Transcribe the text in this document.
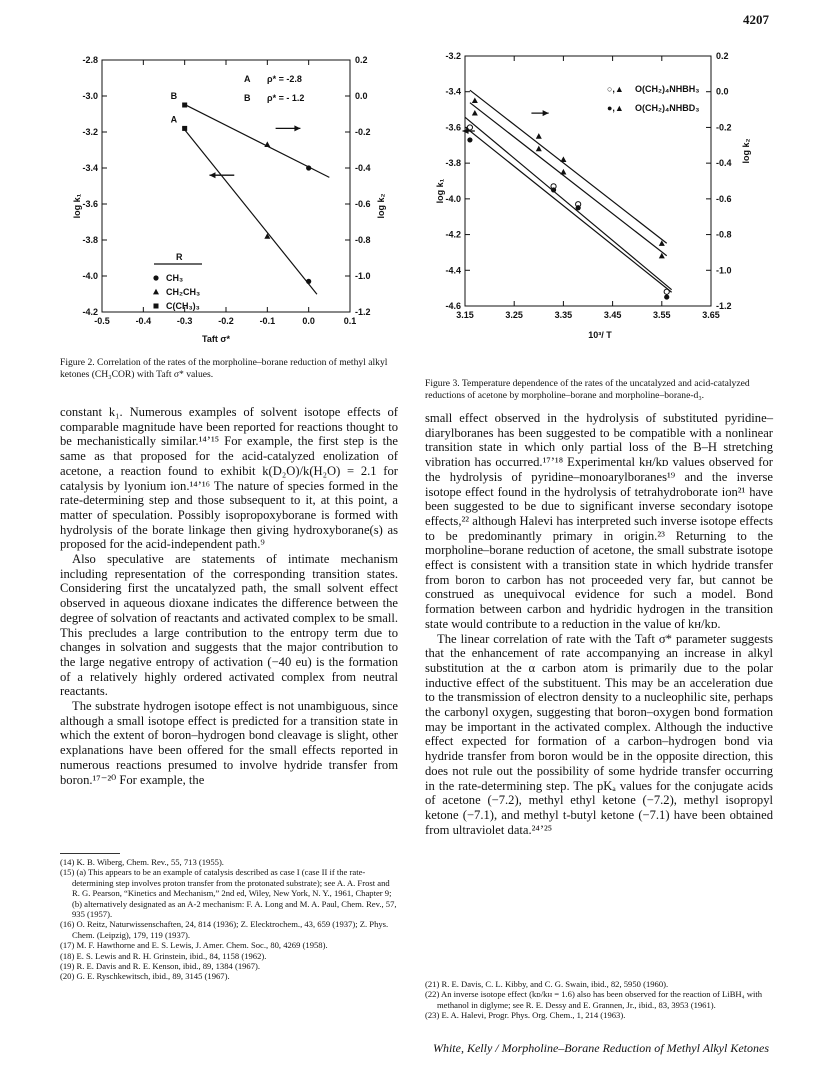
4207
-0.5	-0.4	-0.3	-0.2	-0.1	0.0	0.1
-2.8
-3.0
-3.2
-3.4
-3.6
-3.8
-4.0
-4.2
0.2
0.0
-0.2
-0.4
-0.6
-0.8
-1.0
-1.2
Taft σ*
log k₁	log k₂
A
B
A ρ* = -2.8
B ρ* = - 1.2
R
CH₃
CH₂CH₃
C(CH₃)₃
Figure 2. Correlation of the rates of the morpholine–borane reduction of methyl alkyl ketones (CH₃COR) with Taft σ* values.
3.15	3.25	3.35	3.45	3.55	3.65
-3.2
-3.4
-3.6
-3.8
-4.0
-4.2
-4.4
-4.6
0.2
0.0
-0.2
-0.4
-0.6
-0.8
-1.0
-1.2
10³/ T
log k₁
log k₂
○,▲ O(CH₂)₄NHBH₃
●,▲ O(CH₂)₄NHBD₃
Figure 3. Temperature dependence of the rates of the uncatalyzed and acid-catalyzed reductions of acetone by morpholine–borane and morpholine–borane-d₃.

constant k₁. Numerous examples of solvent isotope effects of comparable magnitude have been reported for reactions thought to be mechanistically similar.¹⁴ʼ¹⁵ For example, the first step is the same as that proposed for the acid-catalyzed enolization of acetone, a reaction found to exhibit k(D₂O)/k(H₂O) = 2.1 for catalysis by lyonium ion.¹⁴ʼ¹⁶ The nature of species formed in the rate-determining step and those subsequent to it, at this point, a matter of speculation. Possibly isopropoxyborane is formed with hydrolysis of the borate linkage then giving hydroxyborane(s) as proposed for the acid-independent path.⁹

Also speculative are statements of intimate mechanism including representation of the corresponding transition states. Considering first the uncatalyzed path, the small solvent effect observed in aqueous dioxane indicates the difference between the degree of solvation of reactants and activated complex to be small. This precludes a large contribution to the entropy term due to changes in solvation and suggests that the major contribution to the large negative entropy of activation (−40 eu) is the formation of a relatively highly ordered activated complex from neutral reactants.

The substrate hydrogen isotope effect is not unambiguous, since although a small isotope effect is predicted for a transition state in which the extent of boron–hydrogen bond cleavage is slight, other explanations have been offered for the small effects reported in numerous reactions presumed to involve hydride transfer from boron.¹⁷⁻²⁰ For example, the

small effect observed in the hydrolysis of substituted pyridine–diarylboranes has been suggested to be compatible with a nonlinear transition state in which only partial loss of the B–H stretching vibration has occurred.¹⁷ʼ¹⁸ Experimental kʜ/kᴅ values observed for the hydrolysis of pyridine–monoarylboranes¹⁹ and the inverse isotope effect found in the hydrolysis of tetrahydroborate ion²¹ have been suggested to be due to significant inverse secondary isotope effects,²² although Halevi has interpreted such inverse isotope effects to be predominantly primary in origin.²³ Returning to the morpholine–borane reduction of acetone, the small substrate isotope effect is consistent with a transition state in which hydride transfer from boron to carbon has not proceeded very far, but cannot be construed as unequivocal evidence for such a model. Bond formation between carbon and hydridic hydrogen in the transition state would contribute to a reduction in the value of kʜ/kᴅ.

The linear correlation of rate with the Taft σ* parameter suggests that the enhancement of rate accompanying an increase in alkyl substitution at the α carbon atom is primarily due to the polar inductive effect of the substituent. This may be an acceleration due to the transmission of electron density to a nucleophilic site, perhaps the carbonyl oxygen, suggesting that boron–oxygen bond formation may be important in the activated complex. Although the inductive effect expected for formation of a carbon–hydrogen bond via hydride transfer from boron would be in the opposite direction, this does not rule out the possibility of some hydride transfer occurring in the rate-determining step. The pKₐ values for the conjugate acids of acetone (−7.2), methyl ethyl ketone (−7.2), methyl isopropyl ketone (−7.1), and methyl t-butyl ketone (−7.1) have been obtained from ultraviolet data.²⁴ʼ²⁵

(14) K. B. Wiberg, Chem. Rev., 55, 713 (1955).
(15) (a) This appears to be an example of catalysis described as case I (case II if the rate-determining step involves proton transfer from the protonated substrate); see A. A. Frost and R. G. Pearson, “Kinetics and Mechanism,” 2nd ed, Wiley, New York, N. Y., 1961, Chapter 9; (b) alternatively designated as an A-2 mechanism: F. A. Long and M. A. Paul, Chem. Rev., 57, 935 (1957).
(16) O. Reitz, Naturwissenschaften, 24, 814 (1936); Z. Elecktrochem., 43, 659 (1937); Z. Phys. Chem. (Leipzig), 179, 119 (1937).
(17) M. F. Hawthorne and E. S. Lewis, J. Amer. Chem. Soc., 80, 4269 (1958).
(18) E. S. Lewis and R. H. Grinstein, ibid., 84, 1158 (1962).
(19) R. E. Davis and R. E. Kenson, ibid., 89, 1384 (1967).
(20) G. E. Ryschkewitsch, ibid., 89, 3145 (1967).
(21) R. E. Davis, C. L. Kibby, and C. G. Swain, ibid., 82, 5950 (1960).
(22) An inverse isotope effect (kᴅ/kʜ = 1.6) also has been observed for the reaction of LiBH₄ with methanol in diglyme; see R. E. Dessy and E. Grannen, Jr., ibid., 83, 3953 (1961).
(23) E. A. Halevi, Progr. Phys. Org. Chem., 1, 214 (1963).
White, Kelly / Morpholine–Borane Reduction of Methyl Alkyl Ketones
